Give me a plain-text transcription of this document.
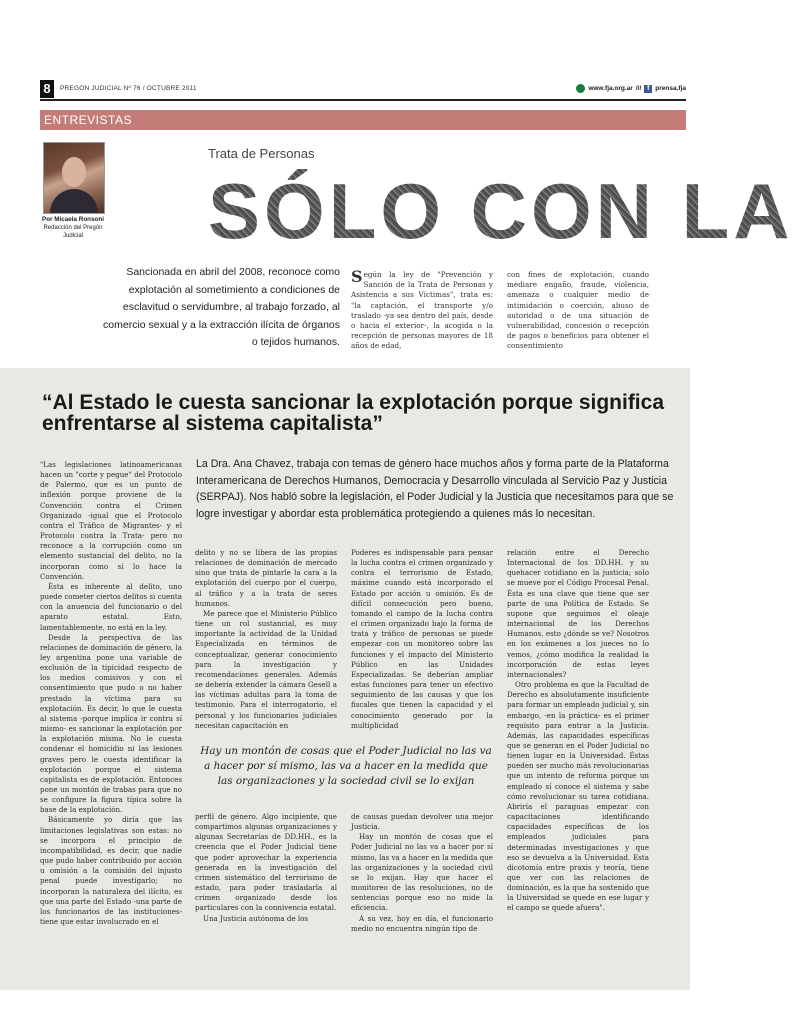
8	PREGON JUDICIAL Nº 76 / OCTUBRE 2011	www.fja.org.ar /// f prensa.fja
ENTREVISTAS
Por Micaela Ronsoni
Redacción del Pregón Judicial
Trata de Personas
SÓLO CON LA
Sancionada en abril del 2008, reconoce como explotación al sometimiento a condiciones de esclavitud o servidumbre, al trabajo forzado, al comercio sexual y a la extracción ilícita de órganos o tejidos humanos.
Según la ley de "Prevención y Sanción de la Trata de Personas y Asistencia a sus Víctimas", trata es: "la captación, el transporte y/o traslado -ya sea dentro del país, desde o hacia el exterior-, la acogida o la recepción de personas mayores de 18 años de edad,
con fines de explotación, cuando mediare engaño, fraude, violencia, amenaza o cualquier medio de intimidación o coerción, abuso de autoridad o de una situación de vulnerabilidad, concesión o recepción de pagos o beneficios para obtener el consentimiento
“Al Estado le cuesta sancionar la explotación porque significa enfrentarse al sistema capitalista”
La Dra. Ana Chavez, trabaja con temas de género hace muchos años y forma parte de la Plataforma Interamericana de Derechos Humanos, Democracia y Desarrollo vinculada al Servicio Paz y Justicia (SERPAJ). Nos habló sobre la legislación, el Poder Judicial y la Justicia que necesitamos para que se logre investigar y abordar esta problemática protegiendo a quienes más lo necesitan.

"Las legislaciones latinoamericanas hacen un "corte y pegue" del Protocolo de Palermo, que es un punto de inflexión porque proviene de la Convención contra el Crimen Organizado -igual que el Protocolo contra el Tráfico de Migrantes- y el Protocolo contra la Trata- pero no reconoce a la corrupción como un elemento sustancial del delito, no la incorporan como sí lo hace la Convención.

Ésta es inherente al delito, uno puede cometer ciertos delitos si cuenta con la anuencia del funcionario o del aparato estatal. Esto, lamentablemente, no está en la ley.

Desde la perspectiva de las relaciones de dominación de género, la ley argentina pone una variable de exclusión de la tipicidad respecto de los medios comisivos y con el consentimiento que pudo o no haber prestado la víctima para su explotación. Es decir, lo que le cuesta al sistema -porque implica ir contra sí mismo- es sancionar la explotación por la explotación misma. No le cuesta condenar el homicidio ni las lesiones graves pero le cuesta identificar la explotación porque el sistema capitalista es de explotación. Entonces pone un montón de trabas para que no se configure la figura típica sobre la base de la explotación.

Básicamente yo diría que las limitaciones legislativas son estas: no se incorpora el principio de incompatibilidad, es decir, que nadie que pudo haber contribuido por acción u omisión a la comisión del injusto penal puede investigarlo; no incorporan la naturaleza del ilícito, es que una parte del Estado -una parte de los funcionarios de las instituciones- tiene que estar involucrado en el

delito y no se libera de las propias relaciones de dominación de mercado sino que trata de pintarle la cara a la explotación del cuerpo por el cuerpo, al tráfico y a la trata de seres humanos.

Me parece que el Ministerio Público tiene un rol sustancial, es muy importante la actividad de la Unidad Especializada en términos de conceptualizar, generar conocimiento para la investigación y recomendaciones generales. Además se debería extender la cámara Gesell a las víctimas adultas para la toma de testimonio. Para el interrogatorio, el personal y los funcionarios judiciales necesitan capacitación en

Poderes es indispensable para pensar la lucha contra el crimen organizado y contra el terrorismo de Estado, máxime cuando está incorporado el Estado por acción u omisión. Es de difícil consecución pero bueno, tomando el campo de la lucha contra el crimen organizado bajo la forma de trata y tráfico de personas se puede empezar con un monitoreo sobre las funciones y el impacto del Ministerio Público en las Unidades Especializadas. Se deberían ampliar estas funciones para tener un efectivo seguimiento de las causas y que los fiscales que tienen la capacidad y el conocimiento generado por la multiplicidad

relación entre el Derecho Internacional de los DD.HH. y su quehacer cotidiano en la justicia; solo se mueve por el Código Procesal Penal. Ésta es una clave que tiene que ser parte de una Política de Estado. Se supone que seguimos el oleaje internacional de los Derechos Humanos, esto ¿dónde se ve? Nosotros en los exámenes a los jueces no lo vemos, ¿cómo modifica la realidad la incorporación de estas leyes internacionales?

Otro problema es que la Facultad de Derecho es absolutamente insuficiente para formar un empleado judicial y, sin embargo, -en la práctica- es el primer requisito para entrar a la Justicia. Además, las capacidades específicas que se generan en el Poder Judicial no tienen lugar en la Universidad. Éstas pueden ser mucho más revolucionarias que un intento de reforma porque un empleado sí conoce el sistema y sabe cómo revolucionar su tarea cotidiana. Abriría el paraguas empezar con capacitaciones identificando capacidades específicas de los empleados judiciales para determinadas investigaciones y que eso se devuelva a la Universidad. Esta dicotomía entre praxis y teoría, tiene que ver con las relaciones de dominación, es la que ha sostenido que la Universidad se quede en ese lugar y el campo se quede afuera".

Hay un montón de cosas que el Poder Judicial no las va a hacer por sí mismo, las va a hacer en la medida que las organizaciones y la sociedad civil se lo exijan

perfil de género. Algo incipiente, que compartimos algunas organizaciones y algunas Secretarías de DD.HH., es la creencia que el Poder Judicial tiene que poder aprovechar la experiencia generada en la investigación del crimen sistemático del terrorismo de estado, para poder trasladarla al crimen organizado desde los particulares con la connivencia estatal.

Una Justicia autónoma de los

de causas puedan devolver una mejor Justicia.

Hay un montón de cosas que el Poder Judicial no las va a hacer por sí mismo, las va a hacer en la medida que las organizaciones y la sociedad civil se lo exijan. Hay que hacer el monitoreo de las resoluciones, no de sentencias porque eso no mide la eficiencia.

A su vez, hoy en día, el funcionario medio no encuentra ningún tipo de
